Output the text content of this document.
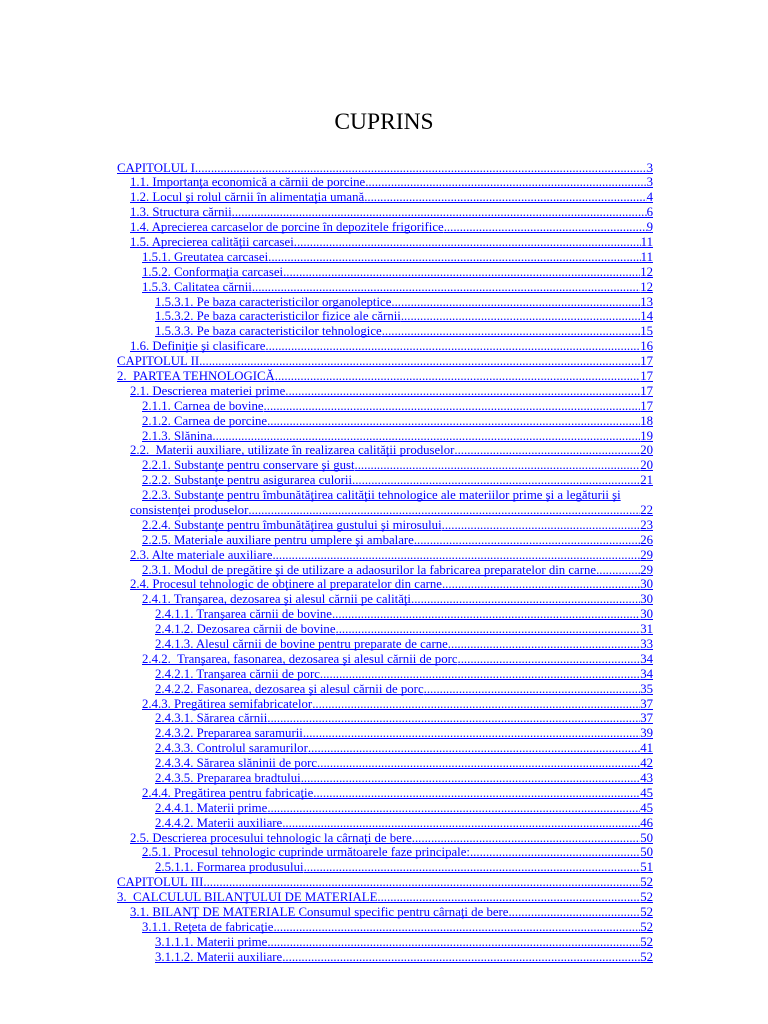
CUPRINS
CAPITOLUL I .....	3
1.1. Importanţa economică a cărnii de porcine .....	3
1.2. Locul şi rolul cărnii în alimentaţia umană .....	4
1.3. Structura cărnii .....	6
1.4. Aprecierea carcaselor de porcine în depozitele frigorifice .....	9
1.5. Aprecierea calităţii carcasei .....	11
1.5.1. Greutatea carcasei .....	11
1.5.2. Conformaţia carcasei .....	12
1.5.3. Calitatea cărnii .....	12
1.5.3.1. Pe baza caracteristicilor organoleptice .....	13
1.5.3.2. Pe baza caracteristicilor fizice ale cărnii .....	14
1.5.3.3. Pe baza caracteristicilor tehnologice .....	15
1.6. Definiţie şi clasificare .....	16
CAPITOLUL II .....	17
2.  PARTEA TEHNOLOGICĂ .....	17
2.1. Descrierea materiei prime .....	17
2.1.1. Carnea de bovine .....	17
2.1.2. Carnea de porcine .....	18
2.1.3. Slănina .....	19
2.2.  Materii auxiliare, utilizate în realizarea calităţii produselor .....	20
2.2.1. Substanţe pentru conservare şi gust .....	20
2.2.2. Substanţe pentru asigurarea culorii .....	21
2.2.3. Substanţe pentru îmbunătăţirea calităţii tehnologice ale materiilor prime şi a legăturii şi
consistenţei produselor .....	22
2.2.4. Substanţe pentru îmbunătăţirea gustului şi mirosului .....	23
2.2.5. Materiale auxiliare pentru umplere şi ambalare .....	26
2.3. Alte materiale auxiliare .....	29
2.3.1. Modul de pregătire şi de utilizare a adaosurilor la fabricarea preparatelor din carne .....	29
2.4. Procesul tehnologic de obţinere al preparatelor din carne .....	30
2.4.1. Tranşarea, dezosarea şi alesul cărnii pe calităţi .....	30
2.4.1.1. Tranşarea cărnii de bovine .....	30
2.4.1.2. Dezosarea cărnii de bovine .....	31
2.4.1.3. Alesul cărnii de bovine pentru preparate de carne .....	33
2.4.2.  Tranşarea, fasonarea, dezosarea şi alesul cărnii de porc .....	34
2.4.2.1. Tranşarea cărnii de porc .....	34
2.4.2.2. Fasonarea, dezosarea şi alesul cărnii de porc .....	35
2.4.3. Pregătirea semifabricatelor .....	37
2.4.3.1. Sărarea cărnii .....	37
2.4.3.2. Prepararea saramurii .....	39
2.4.3.3. Controlul saramurilor .....	41
2.4.3.4. Sărarea slăninii de porc .....	42
2.4.3.5. Prepararea bradtului .....	43
2.4.4. Pregătirea pentru fabricaţie .....	45
2.4.4.1. Materii prime .....	45
2.4.4.2. Materii auxiliare .....	46
2.5. Descrierea procesului tehnologic la cârnaţi de bere .....	50
2.5.1. Procesul tehnologic cuprinde următoarele faze principale: .....	50
2.5.1.1. Formarea produsului .....	51
CAPITOLUL III .....	52
3.  CALCULUL BILANŢULUI DE MATERIALE .....	52
3.1. BILANŢ DE MATERIALE Consumul specific pentru cârnaţi de bere .....	52
3.1.1. Reţeta de fabricaţie .....	52
3.1.1.1. Materii prime .....	52
3.1.1.2. Materii auxiliare .....	52
